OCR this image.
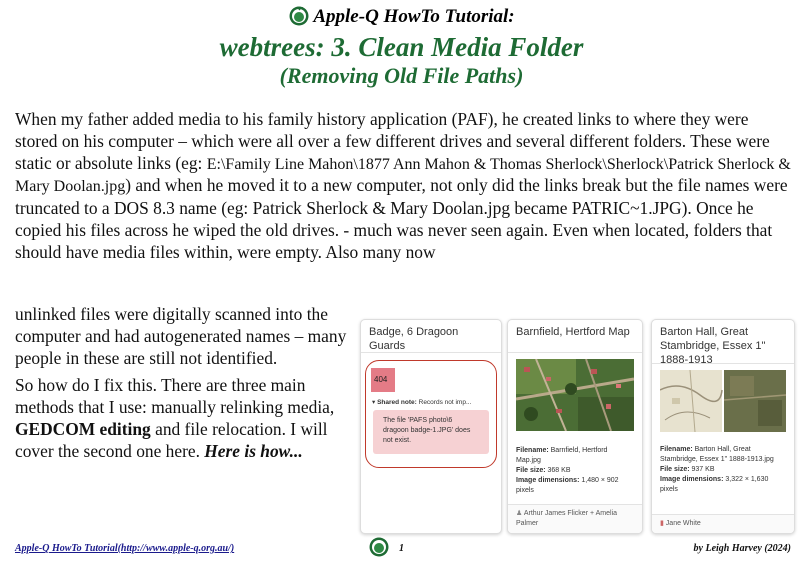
Apple-Q HowTo Tutorial:
webtrees: 3. Clean Media Folder
(Removing Old File Paths)
When my father added media to his family history application (PAF), he created links to where they were stored on his computer – which were all over a few different drives and several different folders. These were static or absolute links (eg: E:\Family Line Mahon\1877 Ann Mahon & Thomas Sherlock\Sherlock\Patrick Sherlock & Mary Doolan.jpg) and when he moved it to a new computer, not only did the links break but the file names were truncated to a DOS 8.3 name (eg: Patrick Sherlock & Mary Doolan.jpg became PATRIC~1.JPG). Once he copied his files across he wiped the old drives. - much was never seen again. Even when located, folders that should have media files within, were empty. Also many now

unlinked files were digitally scanned into the computer and had autogenerated names – many people in these are still not identified.

So how do I fix this. There are three main methods that I use: manually relinking media, GEDCOM editing and file relocation. I will cover the second one here. Here is how...

Badge, 6 Dragoon Guards
404
▾ Shared note: Records not imp...
The file 'PAFS photo\6 dragoon badge-1.JPG' does not exist.
Barnfield, Hertford Map
Filename: Barnfield, Hertford Map.jpg
File size: 368 KB
Image dimensions: 1,480 × 902 pixels
♟ Arthur James Flicker + Amelia Palmer
Barton Hall, Great Stambridge, Essex 1" 1888-1913
Filename: Barton Hall, Great Stambridge, Essex 1" 1888-1913.jpg
File size: 937 KB
Image dimensions: 3,322 × 1,630 pixels
▮ Jane White
Apple-Q HowTo Tutorial(http://www.apple-q.org.au/)	1	by Leigh Harvey (2024)
